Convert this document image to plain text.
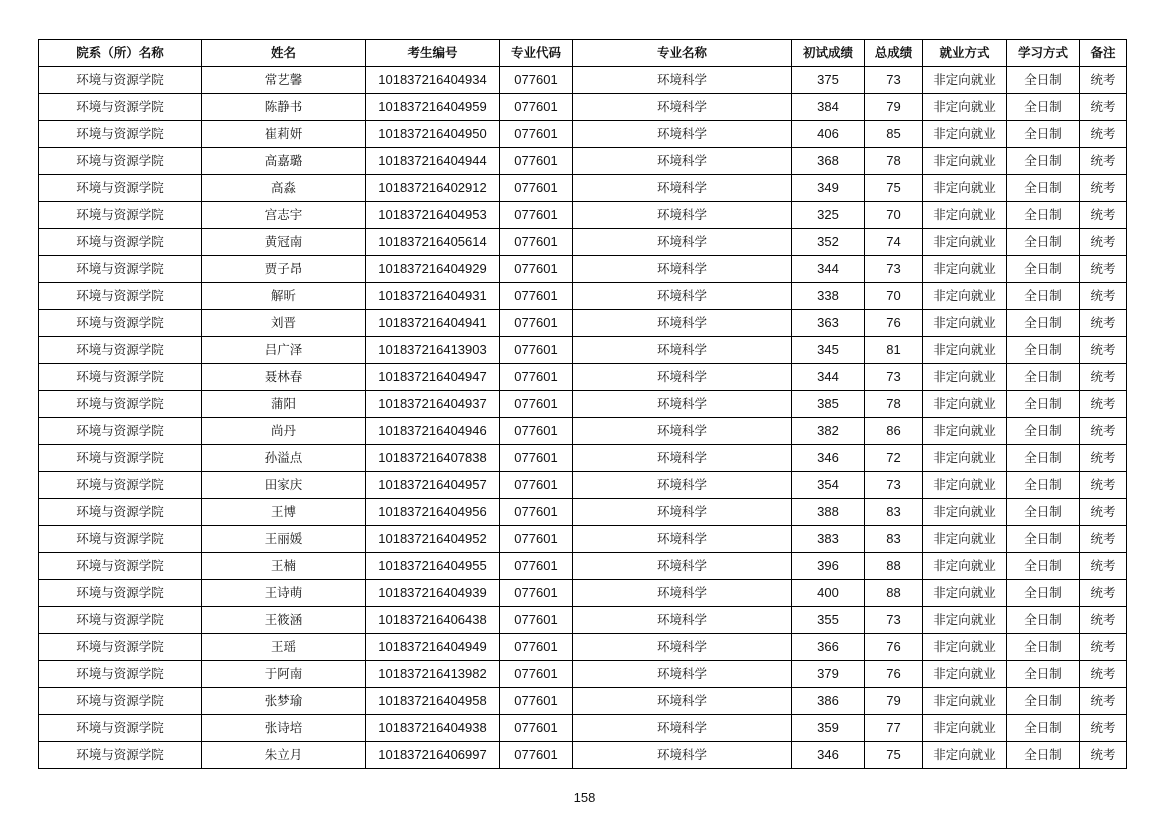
院系（所）名称	姓名	考生编号	专业代码	专业名称	初试成绩	总成绩	就业方式	学习方式	备注
环境与资源学院	常艺馨	101837216404934	077601	环境科学	375	73	非定向就业	全日制	统考
环境与资源学院	陈静书	101837216404959	077601	环境科学	384	79	非定向就业	全日制	统考
环境与资源学院	崔莉妍	101837216404950	077601	环境科学	406	85	非定向就业	全日制	统考
环境与资源学院	高嘉璐	101837216404944	077601	环境科学	368	78	非定向就业	全日制	统考
环境与资源学院	高淼	101837216402912	077601	环境科学	349	75	非定向就业	全日制	统考
环境与资源学院	宫志宇	101837216404953	077601	环境科学	325	70	非定向就业	全日制	统考
环境与资源学院	黄冠南	101837216405614	077601	环境科学	352	74	非定向就业	全日制	统考
环境与资源学院	贾子昂	101837216404929	077601	环境科学	344	73	非定向就业	全日制	统考
环境与资源学院	解昕	101837216404931	077601	环境科学	338	70	非定向就业	全日制	统考
环境与资源学院	刘晋	101837216404941	077601	环境科学	363	76	非定向就业	全日制	统考
环境与资源学院	吕广泽	101837216413903	077601	环境科学	345	81	非定向就业	全日制	统考
环境与资源学院	聂林春	101837216404947	077601	环境科学	344	73	非定向就业	全日制	统考
环境与资源学院	蒲阳	101837216404937	077601	环境科学	385	78	非定向就业	全日制	统考
环境与资源学院	尚丹	101837216404946	077601	环境科学	382	86	非定向就业	全日制	统考
环境与资源学院	孙溢点	101837216407838	077601	环境科学	346	72	非定向就业	全日制	统考
环境与资源学院	田家庆	101837216404957	077601	环境科学	354	73	非定向就业	全日制	统考
环境与资源学院	王博	101837216404956	077601	环境科学	388	83	非定向就业	全日制	统考
环境与资源学院	王丽媛	101837216404952	077601	环境科学	383	83	非定向就业	全日制	统考
环境与资源学院	王楠	101837216404955	077601	环境科学	396	88	非定向就业	全日制	统考
环境与资源学院	王诗萌	101837216404939	077601	环境科学	400	88	非定向就业	全日制	统考
环境与资源学院	王筱涵	101837216406438	077601	环境科学	355	73	非定向就业	全日制	统考
环境与资源学院	王瑶	101837216404949	077601	环境科学	366	76	非定向就业	全日制	统考
环境与资源学院	于阿南	101837216413982	077601	环境科学	379	76	非定向就业	全日制	统考
环境与资源学院	张梦瑜	101837216404958	077601	环境科学	386	79	非定向就业	全日制	统考
环境与资源学院	张诗培	101837216404938	077601	环境科学	359	77	非定向就业	全日制	统考
环境与资源学院	朱立月	101837216406997	077601	环境科学	346	75	非定向就业	全日制	统考
158
